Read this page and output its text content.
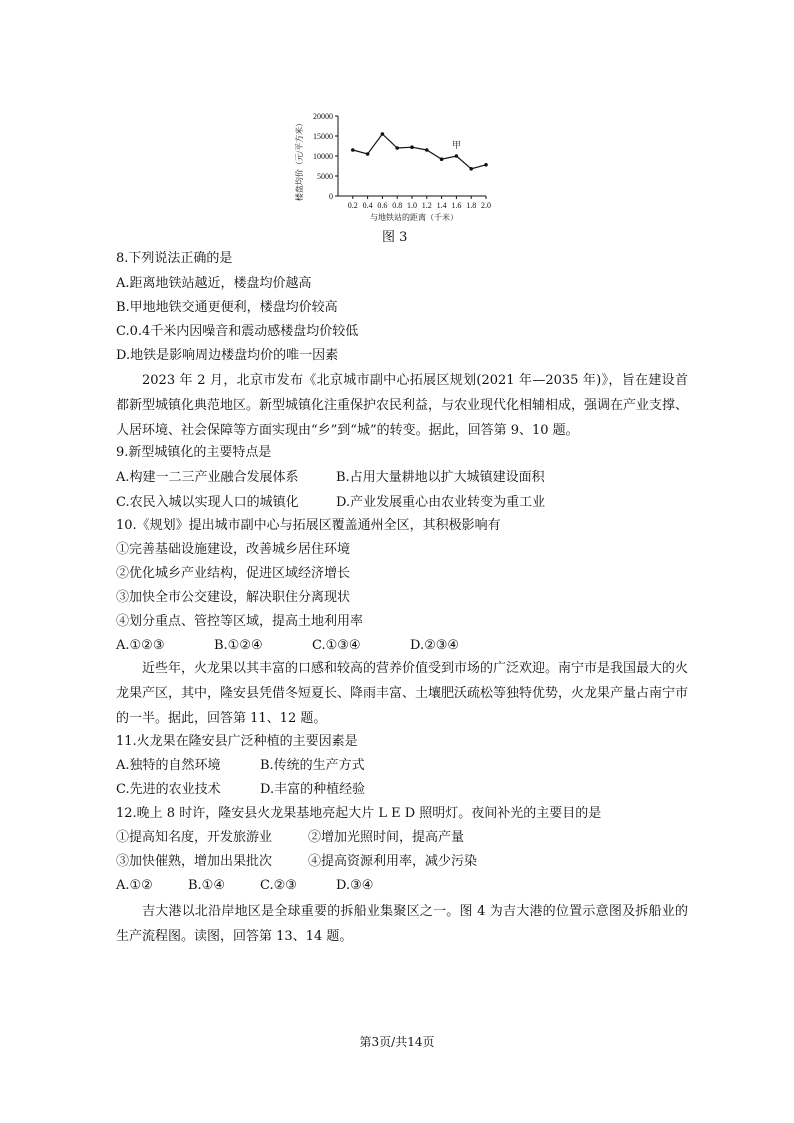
0
5000
10000
15000
20000
0.2 0.4 0.6 0.8 1.0 1.2 1.4 1.6 1.8 2.0
与地铁站的距离（千米）
楼盘均价（元/平方米）	甲
图 3
8.下列说法正确的是
A.距离地铁站越近，楼盘均价越高
B.甲地地铁交通更便利，楼盘均价较高
C.0.4千米内因噪音和震动感楼盘均价较低
D.地铁是影响周边楼盘均价的唯一因素

2023 年 2 月，北京市发布《北京城市副中心拓展区规划(2021 年—2035 年)》，旨在建设首都新型城镇化典范地区。新型城镇化注重保护农民利益，与农业现代化相辅相成，强调在产业支撑、人居环境、社会保障等方面实现由“乡”到“城”的转变。据此，回答第 9、10 题。

9.新型城镇化的主要特点是
A.构建一二三产业融合发展体系	B.占用大量耕地以扩大城镇建设面积
C.农民入城以实现人口的城镇化	D.产业发展重心由农业转变为重工业
10.《规划》提出城市副中心与拓展区覆盖通州全区，其积极影响有
①完善基础设施建设，改善城乡居住环境
②优化城乡产业结构，促进区域经济增长
③加快全市公交建设，解决职住分离现状
④划分重点、管控等区域，提高土地利用率
A.①②③	B.①②④	C.①③④	D.②③④

近些年，火龙果以其丰富的口感和较高的营养价值受到市场的广泛欢迎。南宁市是我国最大的火龙果产区，其中，隆安县凭借冬短夏长、降雨丰富、土壤肥沃疏松等独特优势，火龙果产量占南宁市的一半。据此，回答第 11、12 题。

11.火龙果在隆安县广泛种植的主要因素是
A.独特的自然环境	B.传统的生产方式
C.先进的农业技术	D.丰富的种植经验
12.晚上 8 时许，隆安县火龙果基地亮起大片 L E D 照明灯。夜间补光的主要目的是
①提高知名度，开发旅游业	②增加光照时间，提高产量
③加快催熟，增加出果批次	④提高资源利用率，减少污染
A.①②	B.①④	C.②③	D.③④

吉大港以北沿岸地区是全球重要的拆船业集聚区之一。图 4 为吉大港的位置示意图及拆船业的生产流程图。读图，回答第 13、14 题。

第3页/共14页
